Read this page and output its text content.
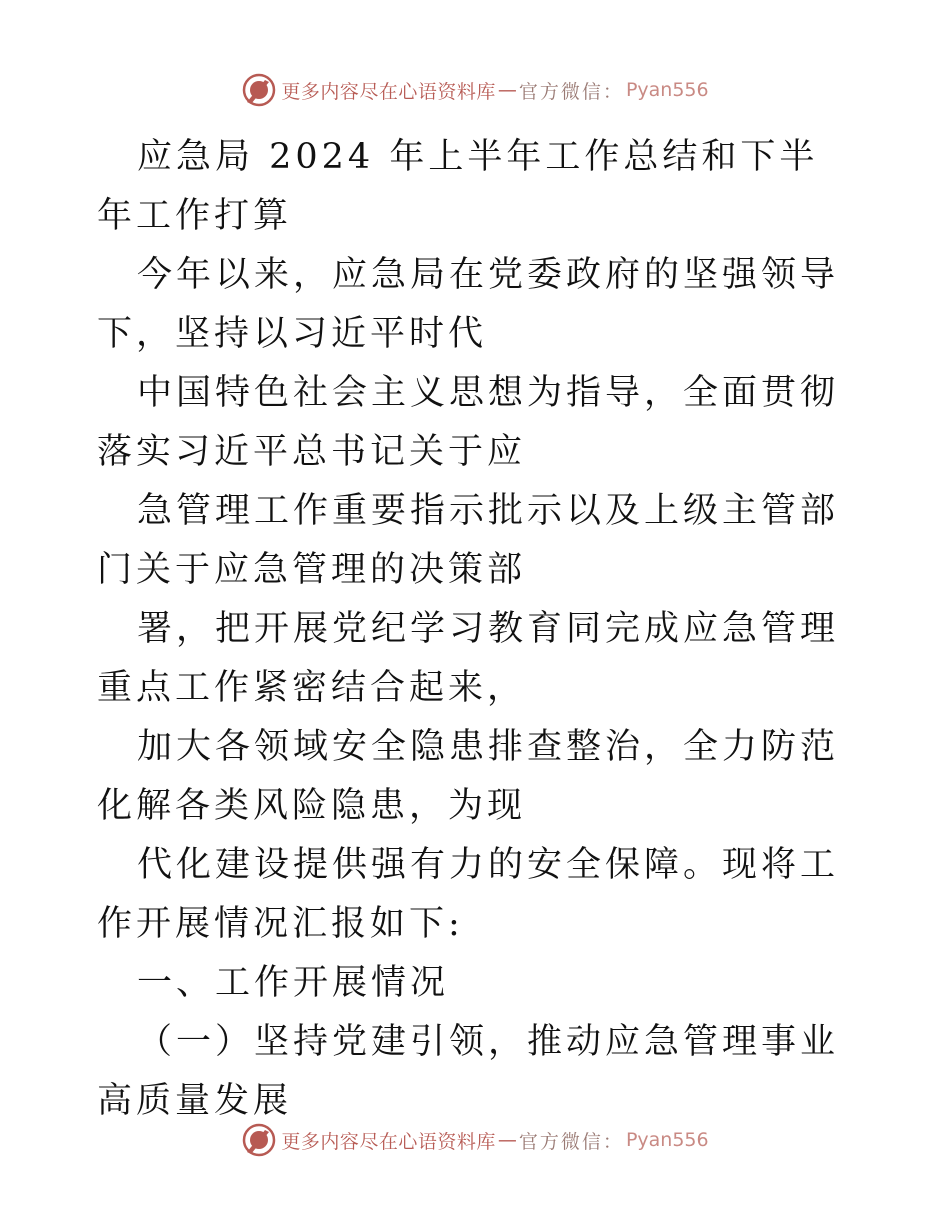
更多内容尽在心语资料库 — 官方微信： Pyan556

应急局 2024 年上半年工作总结和下半年工作打算

今年以来，应急局在党委政府的坚强领导下，坚持以习近平时代

中国特色社会主义思想为指导，全面贯彻落实习近平总书记关于应

急管理工作重要指示批示以及上级主管部门关于应急管理的决策部

署，把开展党纪学习教育同完成应急管理重点工作紧密结合起来，

加大各领域安全隐患排查整治，全力防范化解各类风险隐患，为现

代化建设提供强有力的安全保障。现将工作开展情况汇报如下:

一、工作开展情况

（一）坚持党建引领，推动应急管理事业高质量发展

更多内容尽在心语资料库 — 官方微信： Pyan556
